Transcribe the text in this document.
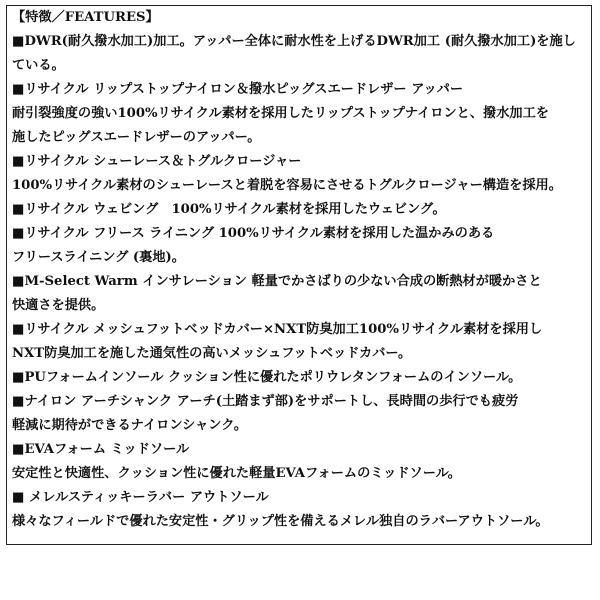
【特徴／FEATURES】
■DWR(耐久撥水加工)加工。アッパー全体に耐水性を上げるDWR加工 (耐久撥水加工)を施し
ている。
■リサイクル リップストップナイロン＆撥水ピッグスエードレザー アッパー
耐引裂強度の強い100%リサイクル素材を採用したリップストップナイロンと、撥水加工を
施したピッグスエードレザーのアッパー。
■リサイクル シューレース＆トグルクロージャー
100%リサイクル素材のシューレースと着脱を容易にさせるトグルクロージャー構造を採用。
■リサイクル ウェビング　100%リサイクル素材を採用したウェビング。
■リサイクル フリース ライニング 100%リサイクル素材を採用した温かみのある
フリースライニング (裏地)。
■M-Select Warm インサレーション 軽量でかさばりの少ない合成の断熱材が暖かさと
快適さを提供。
■リサイクル メッシュフットベッドカバー×NXT防臭加工100%リサイクル素材を採用し
NXT防臭加工を施した通気性の高いメッシュフットベッドカバー。
■PUフォームインソール クッション性に優れたポリウレタンフォームのインソール。
■ナイロン アーチシャンク アーチ(土踏まず部)をサポートし、長時間の歩行でも疲労
軽減に期待ができるナイロンシャンク。
■EVAフォーム ミッドソール
安定性と快適性、クッション性に優れた軽量EVAフォームのミッドソール。
■ メレルスティッキーラバー アウトソール
様々なフィールドで優れた安定性・グリップ性を備えるメレル独自のラバーアウトソール。
